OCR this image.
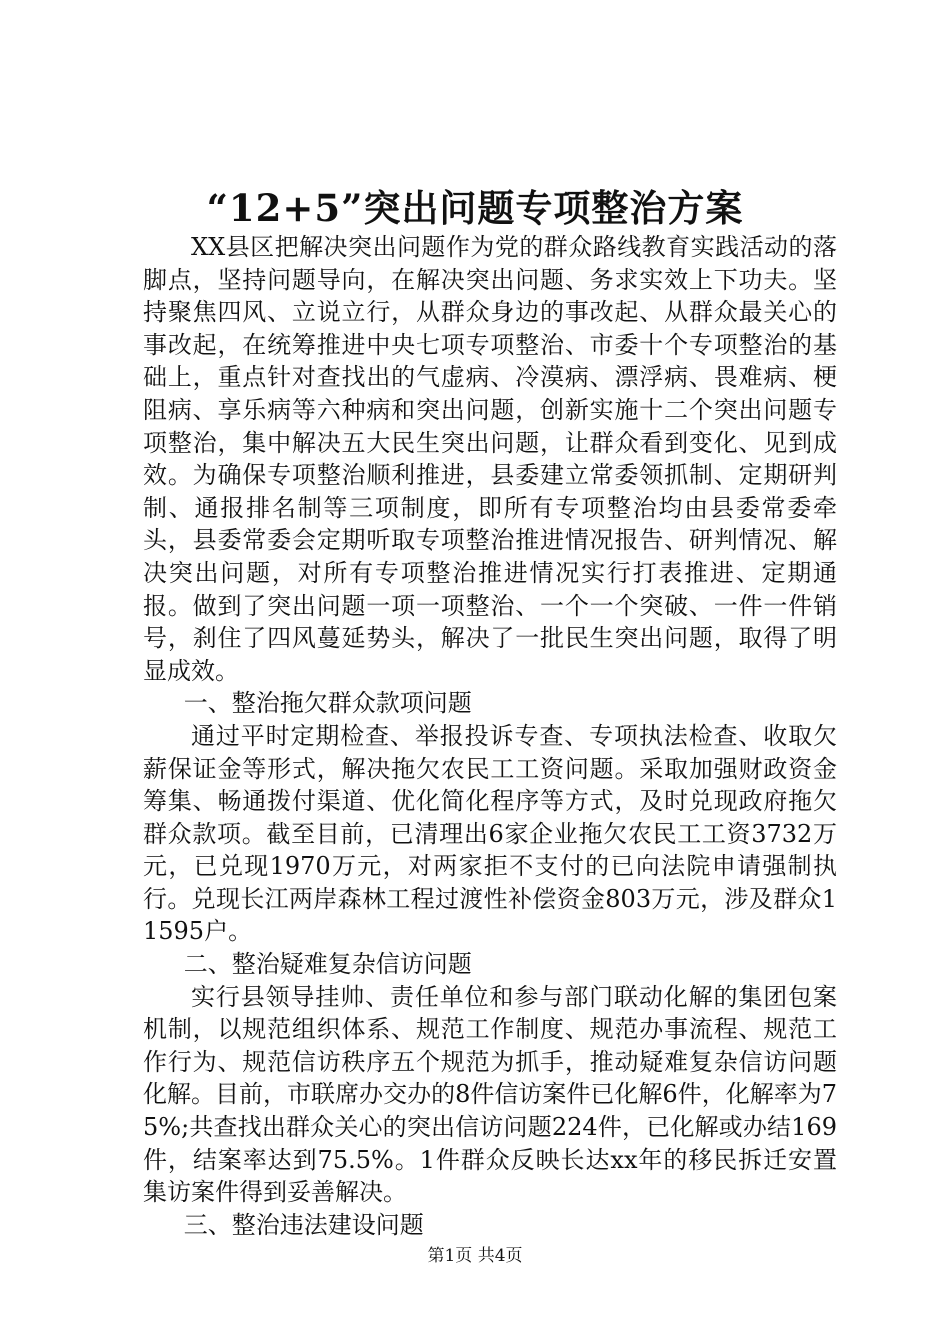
“12+5”突出问题专项整治方案

XX县区把解决突出问题作为党的群众路线教育实践活动的落脚点，坚持问题导向，在解决突出问题、务求实效上下功夫。坚持聚焦四风、立说立行，从群众身边的事改起、从群众最关心的事改起，在统筹推进中央七项专项整治、市委十个专项整治的基础上，重点针对查找出的气虚病、冷漠病、漂浮病、畏难病、梗阻病、享乐病等六种病和突出问题，创新实施十二个突出问题专项整治，集中解决五大民生突出问题，让群众看到变化、见到成效。为确保专项整治顺利推进，县委建立常委领抓制、定期研判制、通报排名制等三项制度，即所有专项整治均由县委常委牵头，县委常委会定期听取专项整治推进情况报告、研判情况、解决突出问题，对所有专项整治推进情况实行打表推进、定期通报。做到了突出问题一项一项整治、一个一个突破、一件一件销号，刹住了四风蔓延势头，解决了一批民生突出问题，取得了明显成效。

一、整治拖欠群众款项问题

通过平时定期检查、举报投诉专查、专项执法检查、收取欠薪保证金等形式，解决拖欠农民工工资问题。采取加强财政资金筹集、畅通拨付渠道、优化简化程序等方式，及时兑现政府拖欠群众款项。截至目前，已清理出6家企业拖欠农民工工资3732万元，已兑现1970万元，对两家拒不支付的已向法院申请强制执行。兑现长江两岸森林工程过渡性补偿资金803万元，涉及群众11595户。

二、整治疑难复杂信访问题

实行县领导挂帅、责任单位和参与部门联动化解的集团包案机制，以规范组织体系、规范工作制度、规范办事流程、规范工作行为、规范信访秩序五个规范为抓手，推动疑难复杂信访问题化解。目前，市联席办交办的8件信访案件已化解6件，化解率为75%;共查找出群众关心的突出信访问题224件，已化解或办结169件，结案率达到75.5%。1件群众反映长达xx年的移民拆迁安置集访案件得到妥善解决。

三、整治违法建设问题

第1页 共4页
